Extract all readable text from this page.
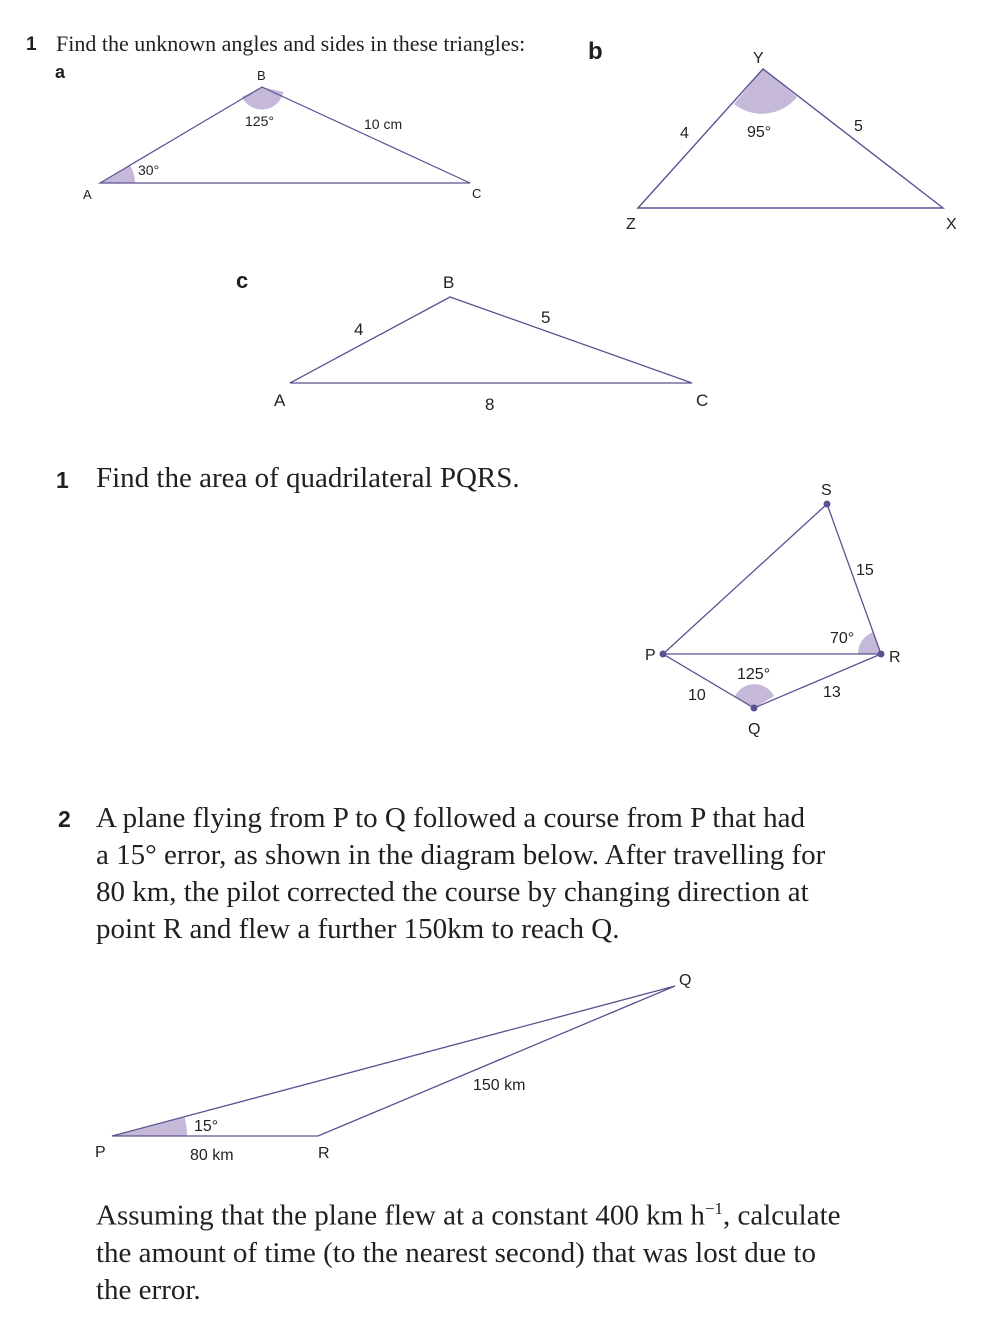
1 Find the unknown angles and sides in these triangles:
a
b
c
A
B
C
30°
125°	10 cm
Y
Z	X
95°
4	5
B
A	C
4
5
8
S
P	R
Q
15
70°
125°
10	13
Q
P	R
15°
80 km
150 km
1 Find the area of quadrilateral PQRS.
2 A plane flying from P to Q followed a course from P that had
a 15° error, as shown in the diagram below. After travelling for
80 km, the pilot corrected the course by changing direction at
point R and flew a further 150km to reach Q.
Assuming that the plane flew at a constant 400 km $h^{-1}$, calculate
the amount of time (to the nearest second) that was lost due to
the error.
